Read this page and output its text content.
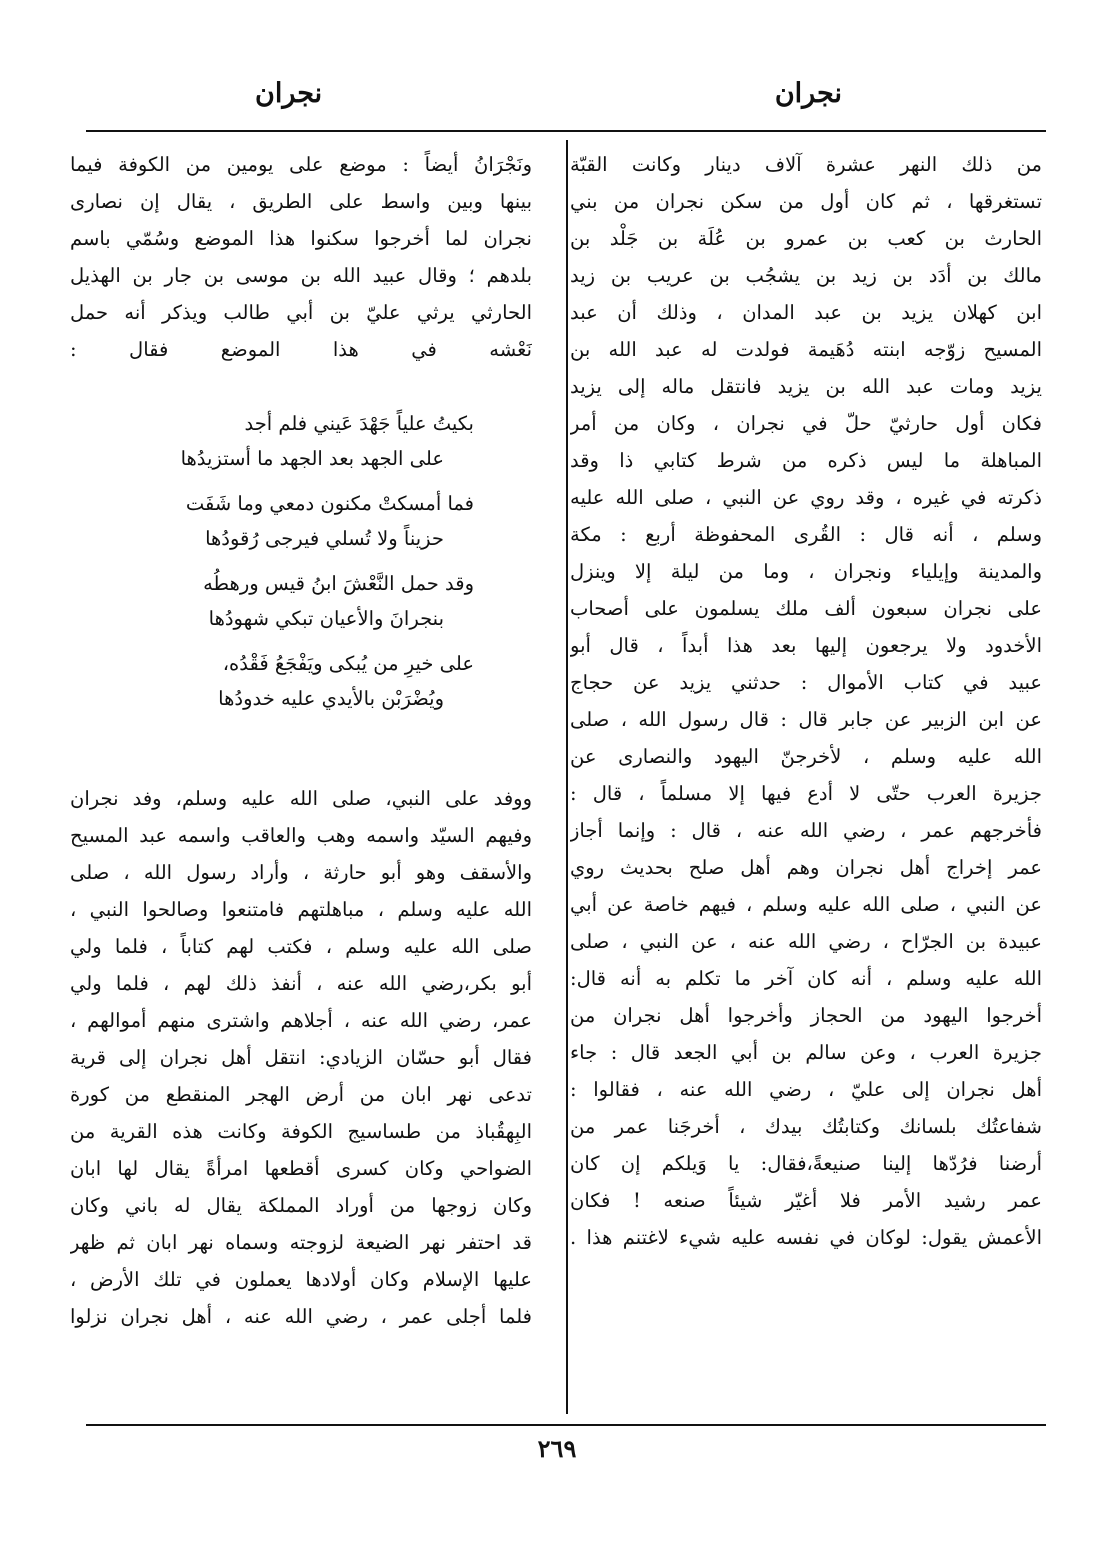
نجران
نجران
من ذلك النهر عشرة آلاف دينار وكانت القبّة
تستغرقها ، ثم كان أول من سكن نجران من بني
الحارث بن كعب بن عمرو بن عُلَة بن جَلْد بن
مالك بن أدَد بن زيد بن يشجُب بن عريب بن زيد
ابن كهلان يزيد بن عبد المدان ، وذلك أن عبد
المسيح زوّجه ابنته دُهَيمة فولدت له عبد الله بن
يزيد ومات عبد الله بن يزيد فانتقل ماله إلى يزيد
فكان أول حارثيّ حلّ في نجران ، وكان من أمر
المباهلة ما ليس ذكره من شرط كتابي ذا وقد
ذكرته في غيره ، وقد روي عن النبي ، صلى الله عليه
وسلم ، أنه قال : القُرى المحفوظة أربع : مكة
والمدينة وإيلياء ونجران ، وما من ليلة إلا وينزل
على نجران سبعون ألف ملك يسلمون على أصحاب
الأخدود ولا يرجعون إليها بعد هذا أبداً ، قال أبو
عبيد في كتاب الأموال : حدثني يزيد عن حجاج
عن ابن الزبير عن جابر قال : قال رسول الله ، صلى
الله عليه وسلم ، لأخرجنّ اليهود والنصارى عن
جزيرة العرب حتّى لا أدع فيها إلا مسلماً ، قال :
فأخرجهم عمر ، رضي الله عنه ، قال : وإنما أجاز
عمر إخراج أهل نجران وهم أهل صلح بحديث روي
عن النبي ، صلى الله عليه وسلم ، فيهم خاصة عن أبي
عبيدة بن الجرّاح ، رضي الله عنه ، عن النبي ، صلى
الله عليه وسلم ، أنه كان آخر ما تكلم به أنه قال:
أخرجوا اليهود من الحجاز وأخرجوا أهل نجران من
جزيرة العرب ، وعن سالم بن أبي الجعد قال : جاء
أهل نجران إلى عليّ ، رضي الله عنه ، فقالوا :
شفاعتُك بلسانك وكتابتُك بيدك ، أخرجَنا عمر من
أرضنا فرُدّها إلينا صنيعةً،فقال: يا وَيلكم إن كان
عمر رشيد الأمر فلا أغيّر شيئاً صنعه ! فكان
الأعمش يقول: لوكان في نفسه عليه شيء لاغتنم هذا .
ونَجْرَانُ أيضاً : موضع على يومين من الكوفة فيما
بينها وبين واسط على الطريق ، يقال إن نصارى
نجران لما أخرجوا سكنوا هذا الموضع وسُمّي باسم
بلدهم ؛ وقال عبيد الله بن موسى بن جار بن الهذيل
الحارثي يرثي عليّ بن أبي طالب ويذكر أنه حمل
نَعْشه في هذا الموضع فقال :
بكيتُ علياً جَهْدَ عَيني فلم أجد
على الجهد بعد الجهد ما أستزيدُها
فما أمسكتْ مكنون دمعي وما شَفَت
حزيناً ولا تُسلي فيرجى رُقودُها
وقد حمل النَّعْشَ ابنُ قيس ورهطُه
بنجرانَ والأعيان تبكي شهودُها
على خيرِ من يُبكى ويَفْجَعُ فَقْدُه،
ويُضْرَبْن بالأيدي عليه خدودُها
ووفد على النبي، صلى الله عليه وسلم، وفد نجران
وفيهم السيّد واسمه وهب والعاقب واسمه عبد المسيح
والأسقف وهو أبو حارثة ، وأراد رسول الله ، صلى
الله عليه وسلم ، مباهلتهم فامتنعوا وصالحوا النبي ،
صلى الله عليه وسلم ، فكتب لهم كتاباً ، فلما ولي
أبو بكر،رضي الله عنه ، أنفذ ذلك لهم ، فلما ولي
عمر، رضي الله عنه ، أجلاهم واشترى منهم أموالهم ،
فقال أبو حسّان الزيادي: انتقل أهل نجران إلى قرية
تدعى نهر ابان من أرض الهجر المنقطع من كورة
البِهقُباذ من طساسيج الكوفة وكانت هذه القرية من
الضواحي وكان كسرى أقطعها امرأةً يقال لها ابان
وكان زوجها من أوراد المملكة يقال له باني وكان
قد احتفر نهر الضيعة لزوجته وسماه نهر ابان ثم ظهر
عليها الإسلام وكان أولادها يعملون في تلك الأرض ،
فلما أجلى عمر ، رضي الله عنه ، أهل نجران نزلوا
٢٦٩
